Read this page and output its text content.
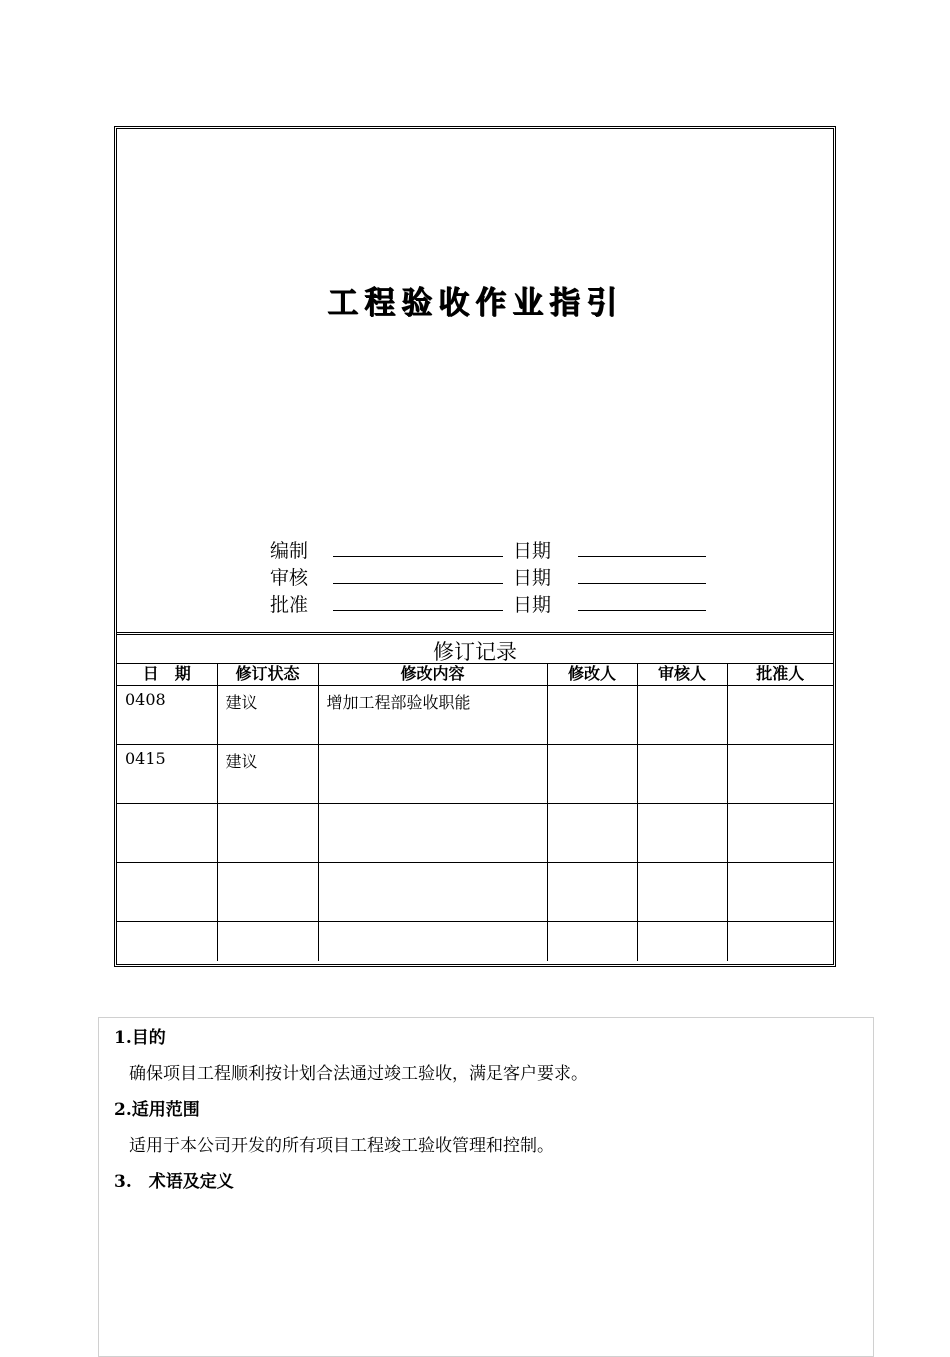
工程验收作业指引
编制	日期
审核	日期
批准	日期
修订记录
日　期	修订状态	修改内容	修改人	审核人	批准人
0408	建议	增加工程部验收职能			
0415	建议				

1.目的
确保项目工程顺利按计划合法通过竣工验收，满足客户要求。
2.适用范围
适用于本公司开发的所有项目工程竣工验收管理和控制。
3.　术语及定义
